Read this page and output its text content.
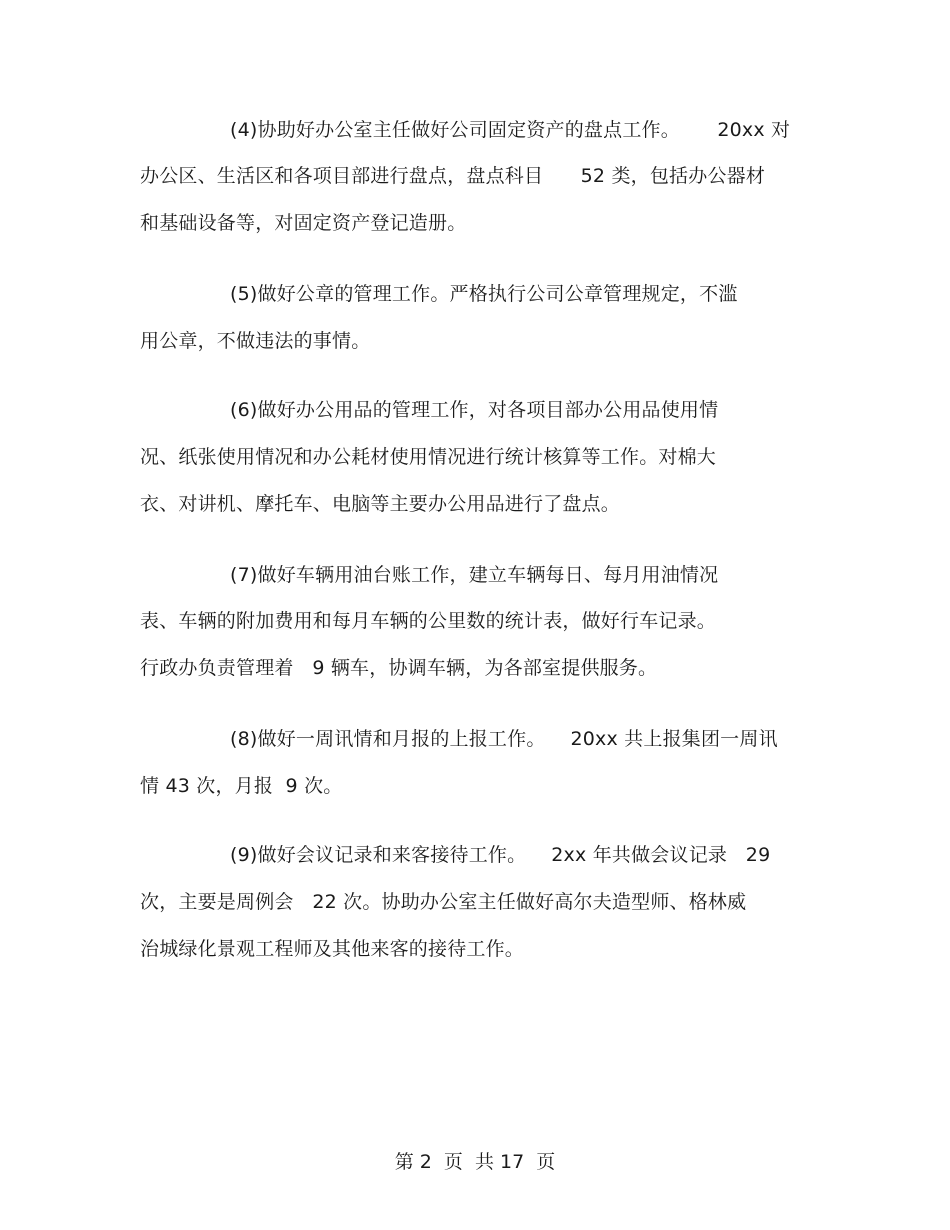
(4)协助好办公室主任做好公司固定资产的盘点工作。      20xx 对
办公区、生活区和各项目部进行盘点，盘点科目      52 类，包括办公器材
和基础设备等，对固定资产登记造册。
(5)做好公章的管理工作。严格执行公司公章管理规定，不滥
用公章，不做违法的事情。
(6)做好办公用品的管理工作，对各项目部办公用品使用情
况、纸张使用情况和办公耗材使用情况进行统计核算等工作。对棉大
衣、对讲机、摩托车、电脑等主要办公用品进行了盘点。
(7)做好车辆用油台账工作，建立车辆每日、每月用油情况
表、车辆的附加费用和每月车辆的公里数的统计表，做好行车记录。
行政办负责管理着   9 辆车，协调车辆，为各部室提供服务。
(8)做好一周讯情和月报的上报工作。    20xx 共上报集团一周讯
情 43 次，月报  9 次。
(9)做好会议记录和来客接待工作。    2xx 年共做会议记录   29
次，主要是周例会   22 次。协助办公室主任做好高尔夫造型师、格林威
治城绿化景观工程师及其他来客的接待工作。
第 2  页  共 17  页
